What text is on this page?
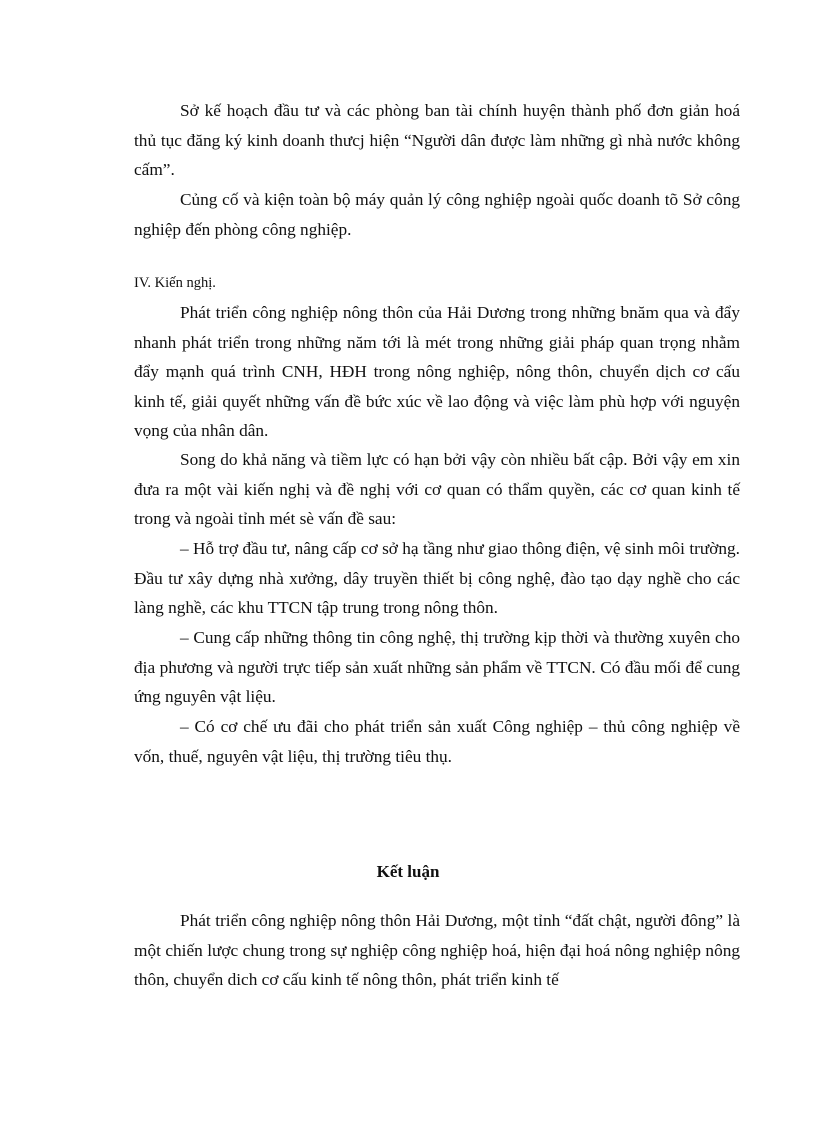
Sở kế hoạch đầu tư và các phòng ban tài chính huyện thành phố đơn giản hoá thủ tục đăng ký kinh doanh thưcj hiện “Người dân được làm những gì nhà nước không cấm”.

Củng cố và kiện toàn bộ máy quản lý công nghiệp ngoài quốc doanh tõ Sở công nghiệp đến phòng công nghiệp.

IV. Kiến nghị.

Phát triển công nghiệp nông thôn của Hải Dương trong những bnăm qua và đẩy nhanh phát triển trong những năm tới là mét trong những giải pháp quan trọng nhằm đẩy mạnh quá trình CNH, HĐH trong nông nghiệp, nông thôn, chuyển dịch cơ cấu kinh tế, giải quyết những vấn đề bức xúc về lao động và việc làm phù hợp với nguyện vọng của nhân dân.

Song do khả năng và tiềm lực có hạn bởi vậy còn nhiều bất cập. Bởi vậy em xin đưa ra một vài kiến nghị và đề nghị với cơ quan có thẩm quyền, các cơ quan kinh tế trong và ngoài tỉnh mét sè vấn đề sau:

– Hỗ trợ đầu tư, nâng cấp cơ sở hạ tầng như giao thông điện, vệ sinh môi trường. Đầu tư xây dựng nhà xưởng, dây truyền thiết bị công nghệ, đào tạo dạy nghề cho các làng nghề, các khu TTCN tập trung trong nông thôn.

– Cung cấp những thông tin công nghệ, thị trường kịp thời và thường xuyên cho địa phương và người trực tiếp sản xuất những sản phẩm về TTCN. Có đầu mối để cung ứng nguyên vật liệu.

– Có cơ chế ưu đãi cho phát triển sản xuất Công nghiệp – thủ công nghiệp về vốn, thuế, nguyên vật liệu, thị trường tiêu thụ.

Kết luận

Phát triển công nghiệp nông thôn Hải Dương, một tỉnh “đất chật, người đông” là một chiến lược chung trong sự nghiệp công nghiệp hoá, hiện đại hoá nông nghiệp nông thôn, chuyển dich cơ cấu kinh tế nông thôn, phát triển kinh tế
